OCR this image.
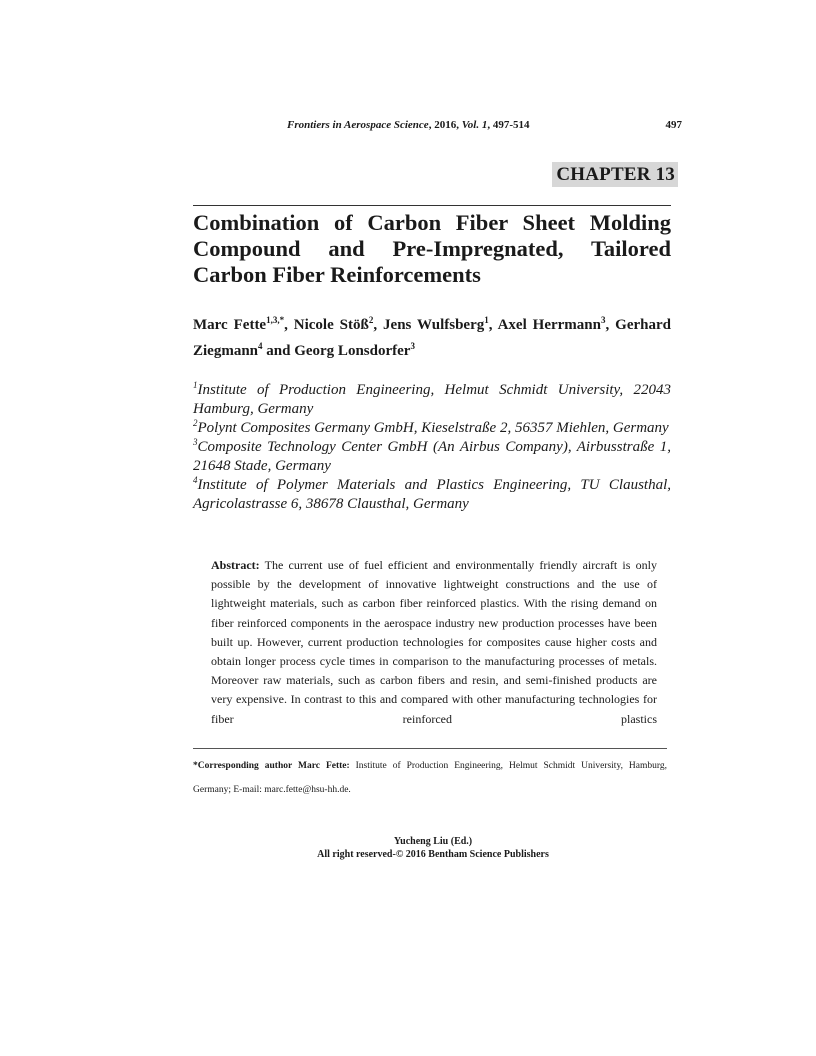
Frontiers in Aerospace Science, 2016, Vol. 1, 497-514	497
CHAPTER 13
Combination of Carbon Fiber Sheet Molding Compound and Pre-Impregnated, Tailored Carbon Fiber Reinforcements

Marc Fette$^{1,3,*}$, Nicole Stöß$^2$, Jens Wulfsberg$^1$, Axel Herrmann$^3$, Gerhard Ziegmann$^4$ and Georg Lonsdorfer$^3$

$^1$Institute of Production Engineering, Helmut Schmidt University, 22043 Hamburg, Germany
$^2$Polynt Composites Germany GmbH, Kieselstraße 2, 56357 Miehlen, Germany
$^3$Composite Technology Center GmbH (An Airbus Company), Airbusstraße 1, 21648 Stade, Germany
$^4$Institute of Polymer Materials and Plastics Engineering, TU Clausthal, Agricolastrasse 6, 38678 Clausthal, Germany

Abstract: The current use of fuel efficient and environmentally friendly aircraft is only possible by the development of innovative lightweight constructions and the use of lightweight materials, such as carbon fiber reinforced plastics. With the rising demand on fiber reinforced components in the aerospace industry new production processes have been built up. However, current production technologies for composites cause higher costs and obtain longer process cycle times in comparison to the manufacturing processes of metals. Moreover raw materials, such as carbon fibers and resin, and semi-finished products are very expensive. In contrast to this and compared with other manufacturing technologies for fiber reinforced plastics

*Corresponding author Marc Fette: Institute of Production Engineering, Helmut Schmidt University, Hamburg, Germany; E-mail: marc.fette@hsu-hh.de.

Yucheng Liu (Ed.)
All right reserved-© 2016 Bentham Science Publishers
